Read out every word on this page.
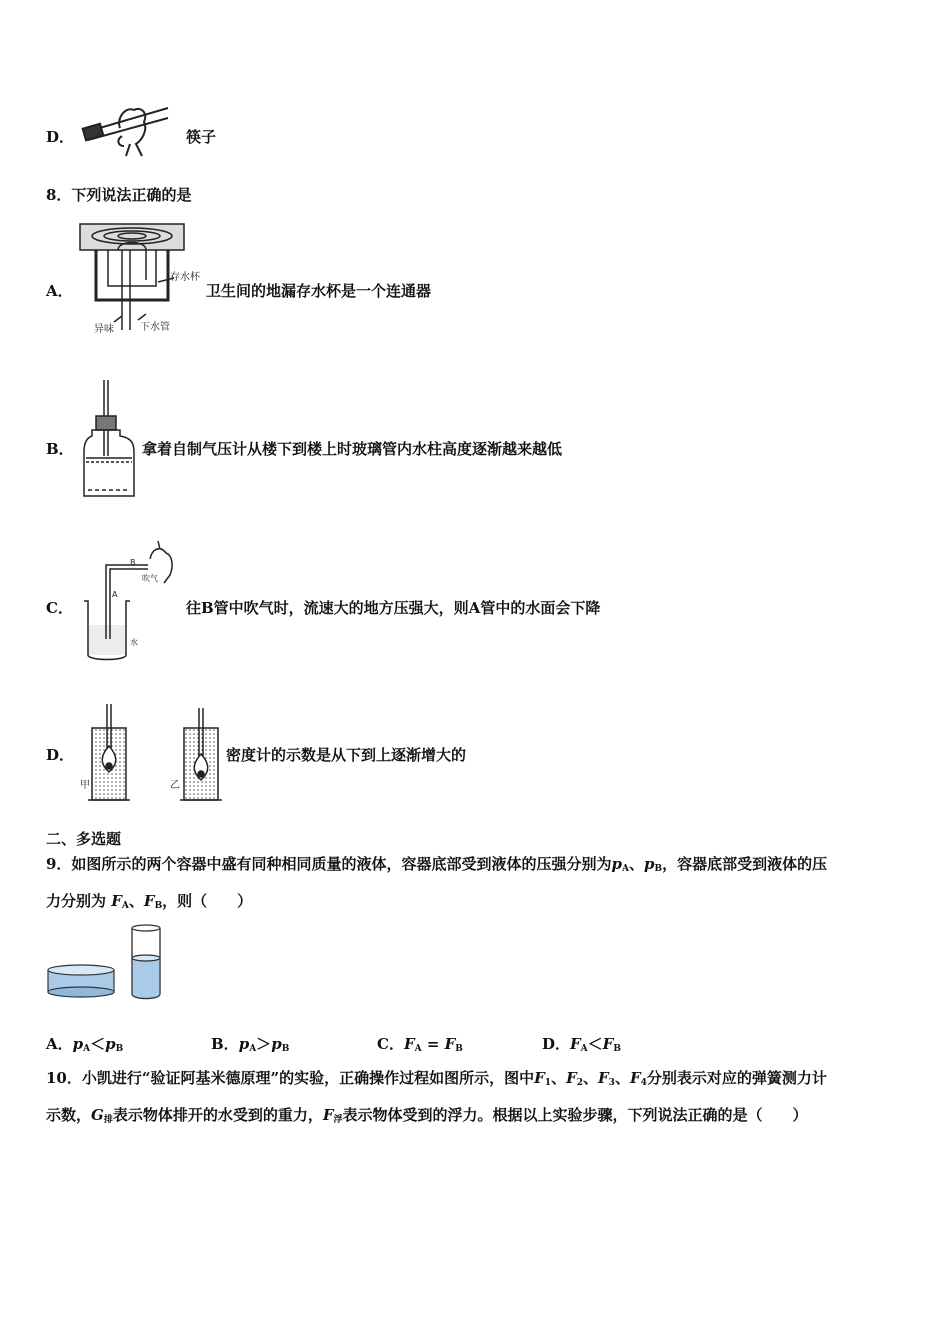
D．	筷子
8．下列说法正确的是
A．
存水杯
异味	下水管
卫生间的地漏存水杯是一个连通器
B．	拿着自制气压计从楼下到楼上时玻璃管内水柱高度逐渐越来越低
C．
B
A
吹气
水
往B管中吹气时，流速大的地方压强大，则A管中的水面会下降
D．
甲	乙
密度计的示数是从下到上逐渐增大的
二、多选题
9．如图所示的两个容器中盛有同种相同质量的液体，容器底部受到液体的压强分别为$p_A$、$p_B$，容器底部受到液体的压
力分别为 $F_A$、$F_B$，则（　　）
A．$p_A<p_B$	B．$p_A>p_B$	C．$F_A = F_B$	D．$F_A<F_B$
10．小凯进行“验证阿基米德原理”的实验，正确操作过程如图所示，图中$F_1$、$F_2$、$F_3$、$F_4$分别表示对应的弹簧测力计
示数，$G_排$表示物体排开的水受到的重力，$F_浮$表示物体受到的浮力。根据以上实验步骤，下列说法正确的是（　　）
